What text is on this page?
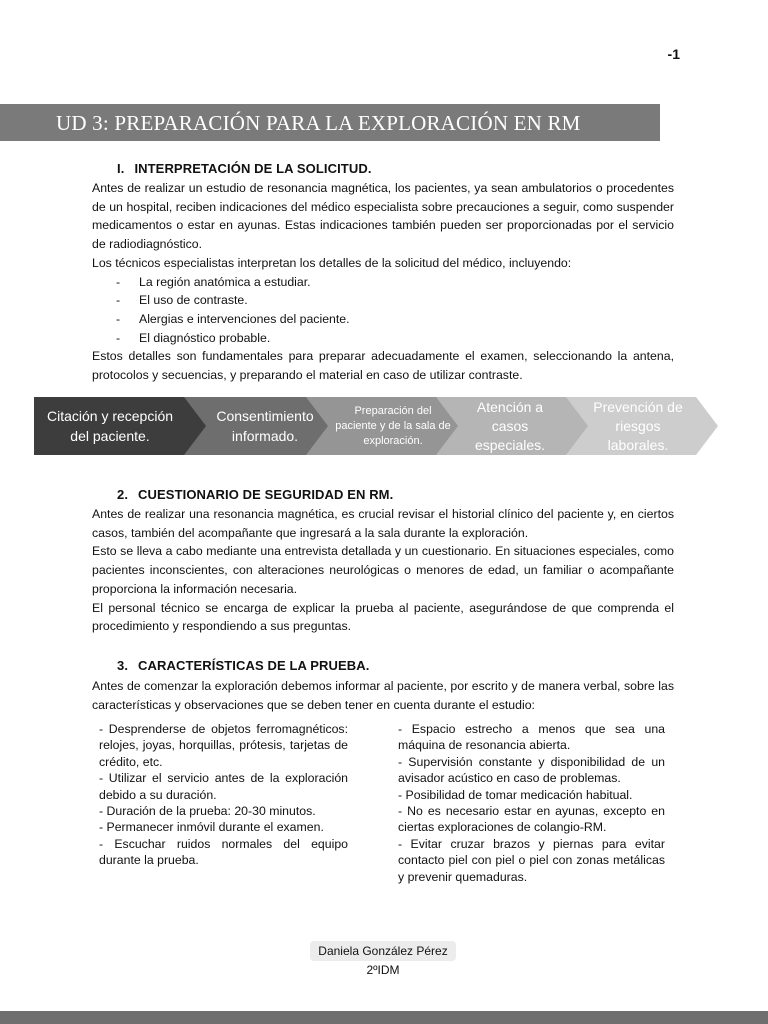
-1
UD 3: PREPARACIÓN PARA LA EXPLORACIÓN EN RM
I. INTERPRETACIÓN DE LA SOLICITUD.

Antes de realizar un estudio de resonancia magnética, los pacientes, ya sean ambulatorios o procedentes de un hospital, reciben indicaciones del médico especialista sobre precauciones a seguir, como suspender medicamentos o estar en ayunas. Estas indicaciones también pueden ser proporcionadas por el servicio de radiodiagnóstico.

Los técnicos especialistas interpretan los detalles de la solicitud del médico, incluyendo:

- La región anatómica a estudiar.
- El uso de contraste.
- Alergias e intervenciones del paciente.
- El diagnóstico probable.

Estos detalles son fundamentales para preparar adecuadamente el examen, seleccionando la antena, protocolos y secuencias, y preparando el material en caso de utilizar contraste.

Citación y recepción del paciente.
Consentimiento informado.
Preparación del paciente y de la sala de exploración.
Atención a casos especiales.
Prevención de riesgos laborales.
2. CUESTIONARIO DE SEGURIDAD EN RM.

Antes de realizar una resonancia magnética, es crucial revisar el historial clínico del paciente y, en ciertos casos, también del acompañante que ingresará a la sala durante la exploración.

Esto se lleva a cabo mediante una entrevista detallada y un cuestionario. En situaciones especiales, como pacientes inconscientes, con alteraciones neurológicas o menores de edad, un familiar o acompañante proporciona la información necesaria.

El personal técnico se encarga de explicar la prueba al paciente, asegurándose de que comprenda el procedimiento y respondiendo a sus preguntas.

3. CARACTERÍSTICAS DE LA PRUEBA.

Antes de comenzar la exploración debemos informar al paciente, por escrito y de manera verbal, sobre las características y observaciones que se deben tener en cuenta durante el estudio:

- Desprenderse de objetos ferromagnéticos: relojes, joyas, horquillas, prótesis, tarjetas de crédito, etc.

- Utilizar el servicio antes de la exploración debido a su duración.

- Duración de la prueba: 20-30 minutos.

- Permanecer inmóvil durante el examen.

- Escuchar ruidos normales del equipo durante la prueba.

- Espacio estrecho a menos que sea una máquina de resonancia abierta.

- Supervisión constante y disponibilidad de un avisador acústico en caso de problemas.

- Posibilidad de tomar medicación habitual.

- No es necesario estar en ayunas, excepto en ciertas exploraciones de colangio-RM.

- Evitar cruzar brazos y piernas para evitar contacto piel con piel o piel con zonas metálicas y prevenir quemaduras.

Daniela González Pérez
2ºIDM
